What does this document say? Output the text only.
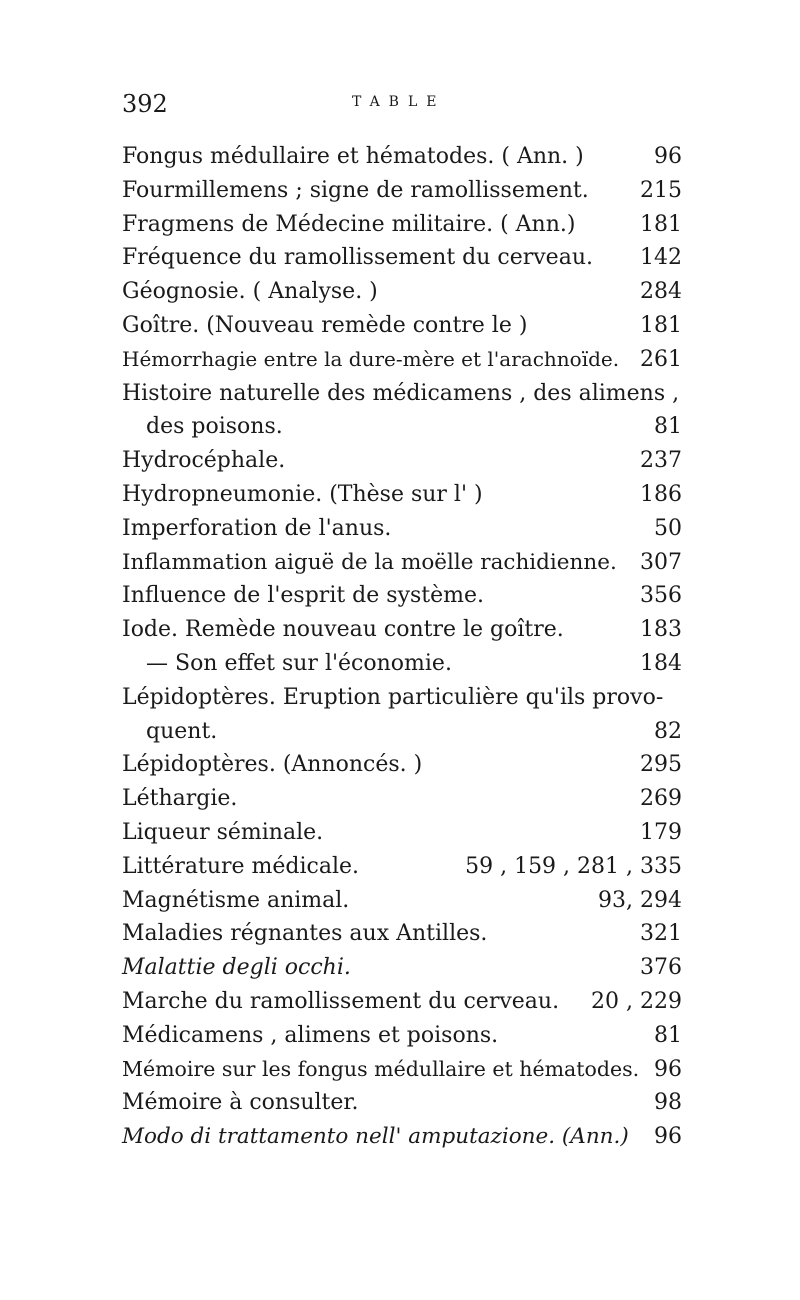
392	TABLE
Fongus médullaire et hématodes. ( Ann. )	96
Fourmillemens ; signe de ramollissement. 215
Fragmens de Médecine militaire. ( Ann.)	181
Fréquence du ramollissement du cerveau. 142
Géognosie. ( Analyse. )	284
Goître. (Nouveau remède contre le )	181
Hémorrhagie entre la dure-mère et l'arachnoïde. 261
Histoire naturelle des médicamens , des alimens ,
des poisons.	81
Hydrocéphale.	237
Hydropneumonie. (Thèse sur l' )	186
Imperforation de l'anus.	50
Inflammation aiguë de la moëlle rachidienne. 307
Influence de l'esprit de système.	356
Iode. Remède nouveau contre le goître.	183
— Son effet sur l'économie.	184
Lépidoptères. Eruption particulière qu'ils provo-
quent.	82
Lépidoptères. (Annoncés. )	295
Léthargie.	269
Liqueur séminale.	179
Littérature médicale.	59 , 159 , 281 , 335
Magnétisme animal.	93, 294
Maladies régnantes aux Antilles.	321
Malattie degli occhi.	376
Marche du ramollissement du cerveau. 20 , 229
Médicamens , alimens et poisons.	81
Mémoire sur les fongus médullaire et hématodes. 96
Mémoire à consulter.	98
Modo di trattamento nell' amputazione. (Ann.) 96
